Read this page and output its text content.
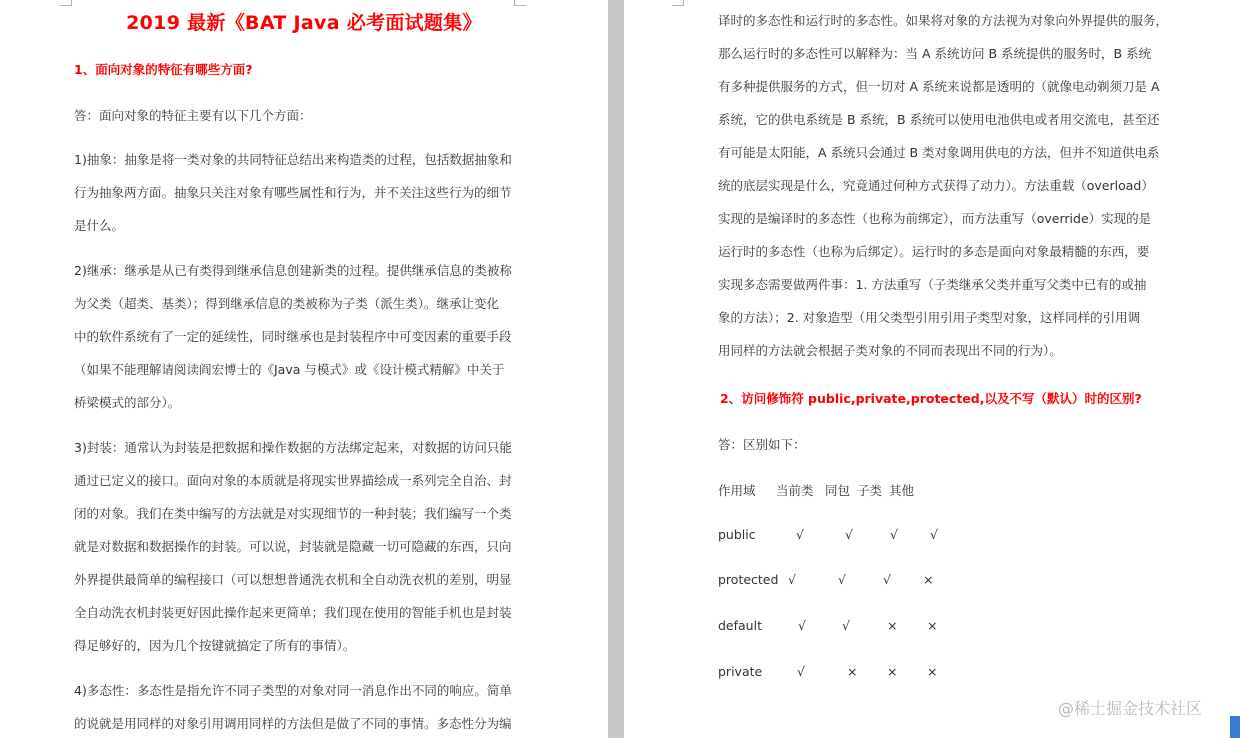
2019 最新《BAT Java 必考面试题集》
1、面向对象的特征有哪些方面?
答：面向对象的特征主要有以下几个方面：
1)抽象：抽象是将一类对象的共同特征总结出来构造类的过程，包括数据抽象和
行为抽象两方面。抽象只关注对象有哪些属性和行为，并不关注这些行为的细节
是什么。
2)继承：继承是从已有类得到继承信息创建新类的过程。提供继承信息的类被称
为父类（超类、基类）；得到继承信息的类被称为子类（派生类）。继承让变化
中的软件系统有了一定的延续性，同时继承也是封装程序中可变因素的重要手段
（如果不能理解请阅读阎宏博士的《Java 与模式》或《设计模式精解》中关于
桥梁模式的部分）。
3)封装：通常认为封装是把数据和操作数据的方法绑定起来，对数据的访问只能
通过已定义的接口。面向对象的本质就是将现实世界描绘成一系列完全自治、封
闭的对象。我们在类中编写的方法就是对实现细节的一种封装；我们编写一个类
就是对数据和数据操作的封装。可以说，封装就是隐藏一切可隐藏的东西，只向
外界提供最简单的编程接口（可以想想普通洗衣机和全自动洗衣机的差别，明显
全自动洗衣机封装更好因此操作起来更简单；我们现在使用的智能手机也是封装
得足够好的，因为几个按键就搞定了所有的事情）。
4)多态性：多态性是指允许不同子类型的对象对同一消息作出不同的响应。简单
的说就是用同样的对象引用调用同样的方法但是做了不同的事情。多态性分为编
译时的多态性和运行时的多态性。如果将对象的方法视为对象向外界提供的服务，
那么运行时的多态性可以解释为：当 A 系统访问 B 系统提供的服务时，B 系统
有多种提供服务的方式，但一切对 A 系统来说都是透明的（就像电动剃须刀是 A
系统，它的供电系统是 B 系统，B 系统可以使用电池供电或者用交流电，甚至还
有可能是太阳能，A 系统只会通过 B 类对象调用供电的方法，但并不知道供电系
统的底层实现是什么，究竟通过何种方式获得了动力）。方法重载（overload）
实现的是编译时的多态性（也称为前绑定），而方法重写（override）实现的是
运行时的多态性（也称为后绑定）。运行时的多态是面向对象最精髓的东西，要
实现多态需要做两件事：1. 方法重写（子类继承父类并重写父类中已有的或抽
象的方法）；2. 对象造型（用父类型引用引用子类型对象，这样同样的引用调
用同样的方法就会根据子类对象的不同而表现出不同的行为）。
2、访问修饰符 public,private,protected,以及不写（默认）时的区别?
答：区别如下：
作用域 当前类 同包 子类 其他
public	√	√	√	√
protected √	√	√	×
default	√	√	× ×
private	√	× × ×
@稀土掘金技术社区
